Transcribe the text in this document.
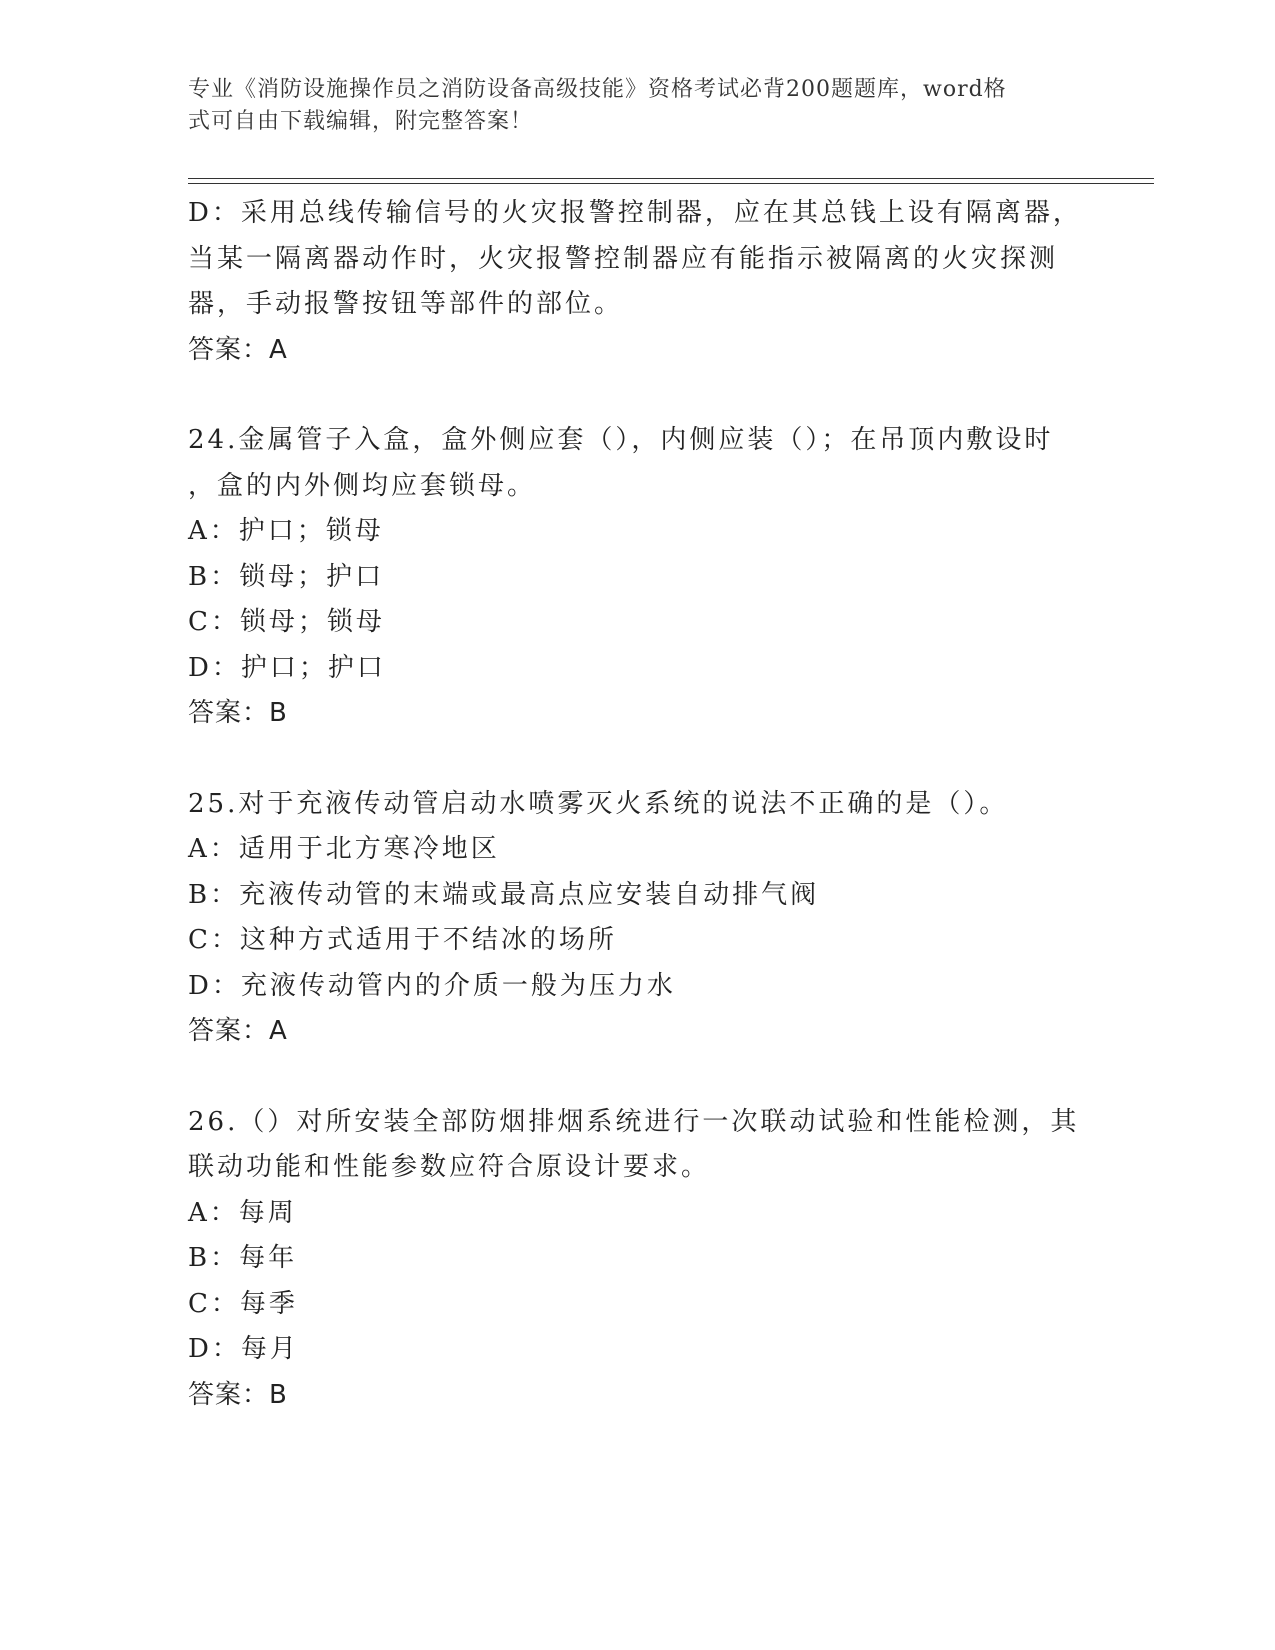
专业《消防设施操作员之消防设备高级技能》资格考试必背200题题库，word格
式可自由下载编辑，附完整答案！
D：采用总线传输信号的火灾报警控制器，应在其总钱上设有隔离器，
当某一隔离器动作时，火灾报警控制器应有能指示被隔离的火灾探测
器，手动报警按钮等部件的部位。
答案：A
24.金属管子入盒，盒外侧应套（），内侧应装（）；在吊顶内敷设时
，盒的内外侧均应套锁母。
A：护口；锁母
B：锁母；护口
C：锁母；锁母
D：护口；护口
答案：B
25.对于充液传动管启动水喷雾灭火系统的说法不正确的是（）。
A：适用于北方寒冷地区
B：充液传动管的末端或最高点应安装自动排气阀
C：这种方式适用于不结冰的场所
D：充液传动管内的介质一般为压力水
答案：A
26.（）对所安装全部防烟排烟系统进行一次联动试验和性能检测，其
联动功能和性能参数应符合原设计要求。
A：每周
B：每年
C：每季
D：每月
答案：B
